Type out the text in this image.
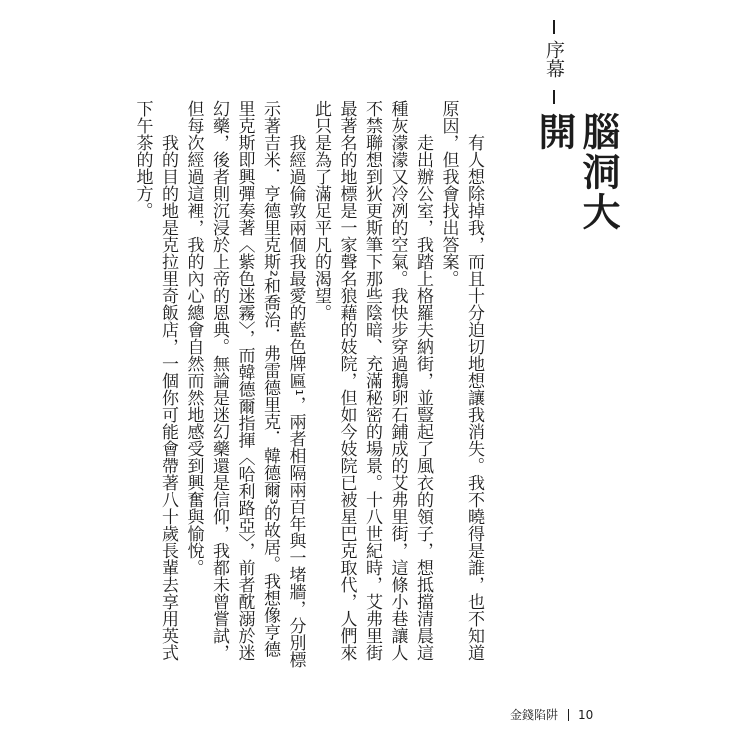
序幕
腦洞大開

有人想除掉我，而且十分迫切地想讓我消失。我不曉得是誰，也不知道原因，但我會找出答案。

走出辦公室，我踏上格羅夫納街，並豎起了風衣的領子，想抵擋清晨這種灰濛濛又冷冽的空氣。我快步穿過鵝卵石鋪成的艾弗里街，這條小巷讓人不禁聯想到狄更斯筆下那些陰暗、充滿秘密的場景。十八世紀時，艾弗里街最著名的地標是一家聲名狼藉的妓院，但如今妓院已被星巴克取代，人們來此只是為了滿足平凡的渴望。

我經過倫敦兩個我最愛的藍色牌匾¹，兩者相隔兩百年與一堵牆，分別標示著吉米．亨德里克斯²和喬治．弗雷德里克．韓德爾³的故居。我想像亨德里克斯即興彈奏著〈紫色迷霧〉，而韓德爾指揮〈哈利路亞〉，前者酖溺於迷幻藥，後者則沉浸於上帝的恩典。無論是迷幻藥還是信仰，我都未曾嘗試，但每次經過這裡，我的內心總會自然而然地感受到興奮與愉悅。

我的目的地是克拉里奇飯店，一個你可能會帶著八十歲長輩去享用英式下午茶的地方。

金錢陷阱 10
